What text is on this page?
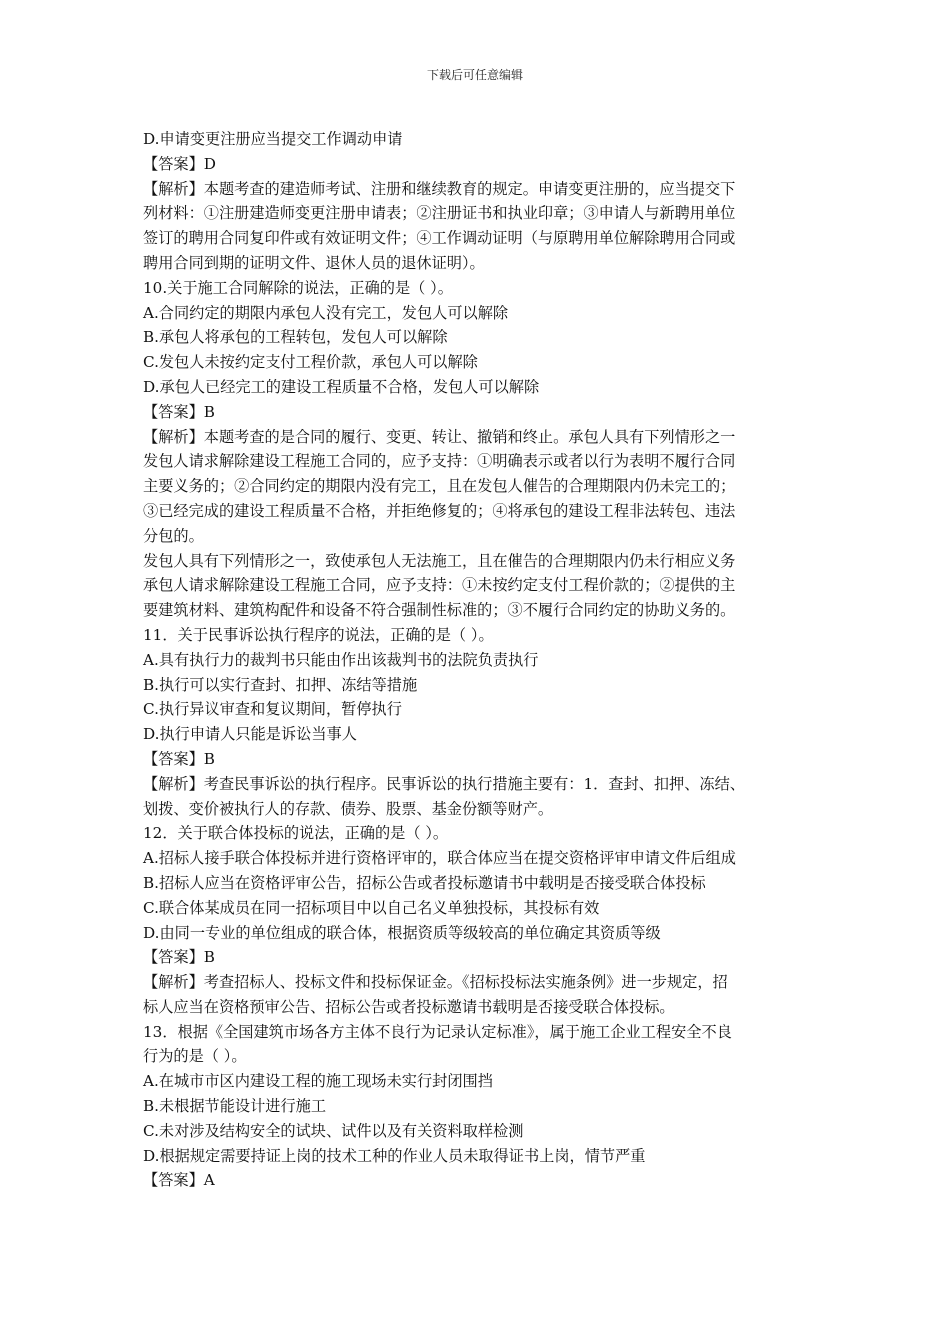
下载后可任意编辑
D.申请变更注册应当提交工作调动申请
【答案】D
【解析】本题考查的建造师考试、注册和继续教育的规定。申请变更注册的，应当提交下
列材料：①注册建造师变更注册申请表；②注册证书和执业印章；③申请人与新聘用单位
签订的聘用合同复印件或有效证明文件；④工作调动证明（与原聘用单位解除聘用合同或
聘用合同到期的证明文件、退休人员的退休证明）。
10.关于施工合同解除的说法，正确的是（ ）。
A.合同约定的期限内承包人没有完工，发包人可以解除
B.承包人将承包的工程转包，发包人可以解除
C.发包人未按约定支付工程价款，承包人可以解除
D.承包人已经完工的建设工程质量不合格，发包人可以解除
【答案】B
【解析】本题考查的是合同的履行、变更、转让、撤销和终止。承包人具有下列情形之一
发包人请求解除建设工程施工合同的，应予支持：①明确表示或者以行为表明不履行合同
主要义务的；②合同约定的期限内没有完工，且在发包人催告的合理期限内仍未完工的；
③已经完成的建设工程质量不合格，并拒绝修复的；④将承包的建设工程非法转包、违法
分包的。
发包人具有下列情形之一，致使承包人无法施工，且在催告的合理期限内仍未行相应义务
承包人请求解除建设工程施工合同，应予支持：①未按约定支付工程价款的；②提供的主
要建筑材料、建筑构配件和设备不符合强制性标准的；③不履行合同约定的协助义务的。
11．关于民事诉讼执行程序的说法，正确的是（ ）。
A.具有执行力的裁判书只能由作出该裁判书的法院负责执行
B.执行可以实行查封、扣押、冻结等措施
C.执行异议审查和复议期间，暂停执行
D.执行申请人只能是诉讼当事人
【答案】B
【解析】考查民事诉讼的执行程序。民事诉讼的执行措施主要有：1．查封、扣押、冻结、
划拨、变价被执行人的存款、债券、股票、基金份额等财产。
12．关于联合体投标的说法，正确的是（ ）。
A.招标人接手联合体投标并进行资格评审的，联合体应当在提交资格评审申请文件后组成
B.招标人应当在资格评审公告，招标公告或者投标邀请书中载明是否接受联合体投标
C.联合体某成员在同一招标项目中以自己名义单独投标，其投标有效
D.由同一专业的单位组成的联合体，根据资质等级较高的单位确定其资质等级
【答案】B
【解析】考查招标人、投标文件和投标保证金。《招标投标法实施条例》进一步规定，招
标人应当在资格预审公告、招标公告或者投标邀请书载明是否接受联合体投标。
13．根据《全国建筑市场各方主体不良行为记录认定标准》，属于施工企业工程安全不良
行为的是（ ）。
A.在城市市区内建设工程的施工现场未实行封闭围挡
B.未根据节能设计进行施工
C.未对涉及结构安全的试块、试件以及有关资料取样检测
D.根据规定需要持证上岗的技术工种的作业人员未取得证书上岗，情节严重
【答案】A
